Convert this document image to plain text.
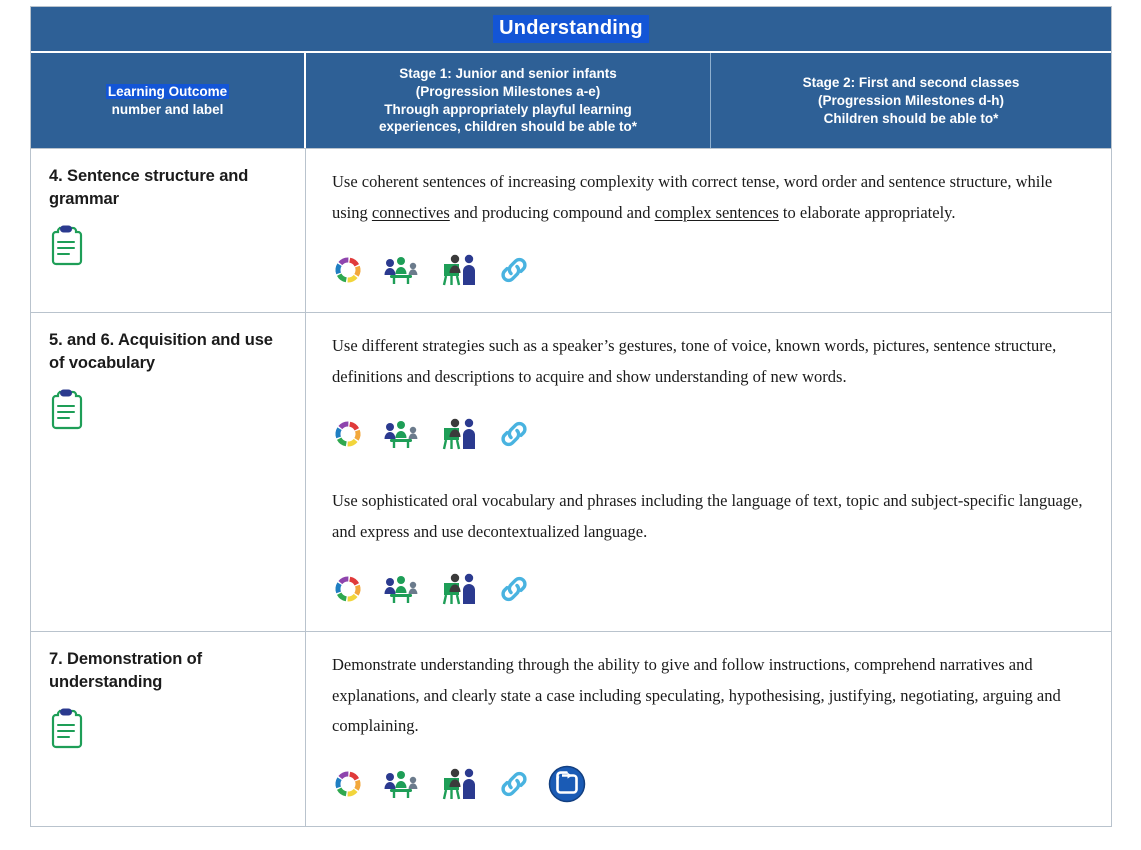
Understanding
Learning Outcome
number and label
Stage 1: Junior and senior infants
(Progression Milestones a-e)
Through appropriately playful learning
experiences, children should be able to*
Stage 2: First and second classes
(Progression Milestones d-h)
Children should be able to*
4. Sentence structure and grammar

Use coherent sentences of increasing complexity with correct tense, word order and sentence structure, while using connectives and producing compound and complex sentences to elaborate appropriately.

5. and 6. Acquisition and use of vocabulary

Use different strategies such as a speaker’s gestures, tone of voice, known words, pictures, sentence structure, definitions and descriptions to acquire and show understanding of new words.

Use sophisticated oral vocabulary and phrases including the language of text, topic and subject-specific language, and express and use decontextualized language.

7. Demonstration of understanding

Demonstrate understanding through the ability to give and follow instructions, comprehend narratives and explanations, and clearly state a case including speculating, hypothesising, justifying, negotiating, arguing and complaining.
